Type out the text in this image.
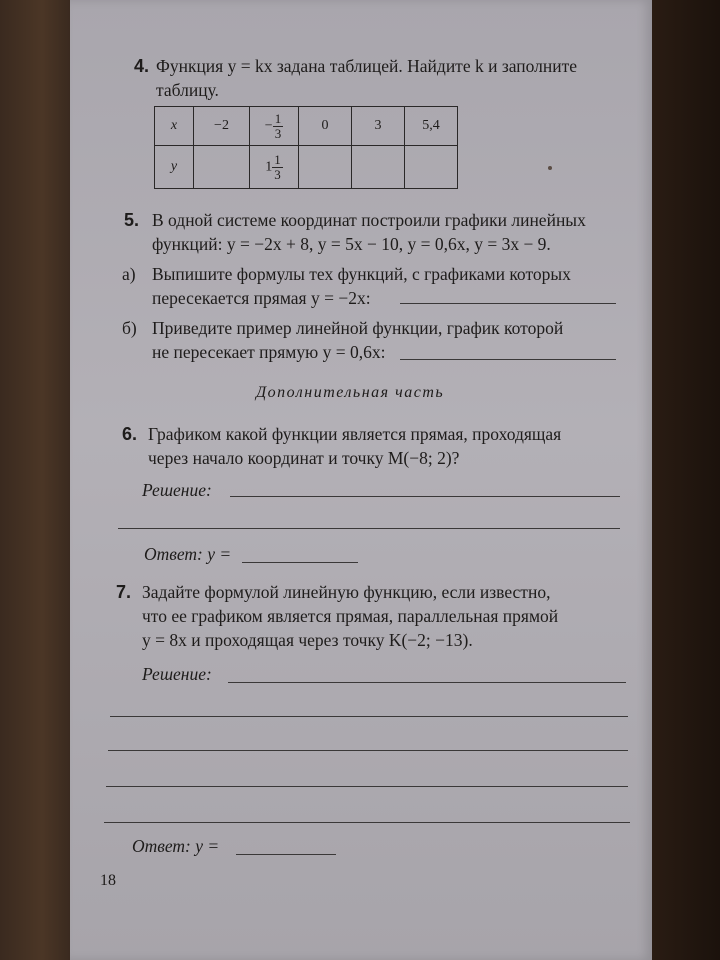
4. Функция y = kx задана таблицей. Найдите k и заполните
таблицу.
x	−2	− $\frac{1}{3}$	0	3	5,4
y		$1 \frac{1}{3}$

5. В одной системе координат построили графики линейных
функций: y = −2x + 8, y = 5x − 10, y = 0,6x, y = 3x − 9.
а) Выпишите формулы тех функций, с графиками которых
пересекается прямая y = −2x:
б) Приведите пример линейной функции, график которой
не пересекает прямую y = 0,6x:
Дополнительная часть
6. Графиком какой функции является прямая, проходящая
через начало координат и точку M(−8; 2)?
Решение:
Ответ: y =
7. Задайте формулой линейную функцию, если известно,
что ее графиком является прямая, параллельная прямой
y = 8x и проходящая через точку K(−2; −13).
Решение:
Ответ: y =
18
